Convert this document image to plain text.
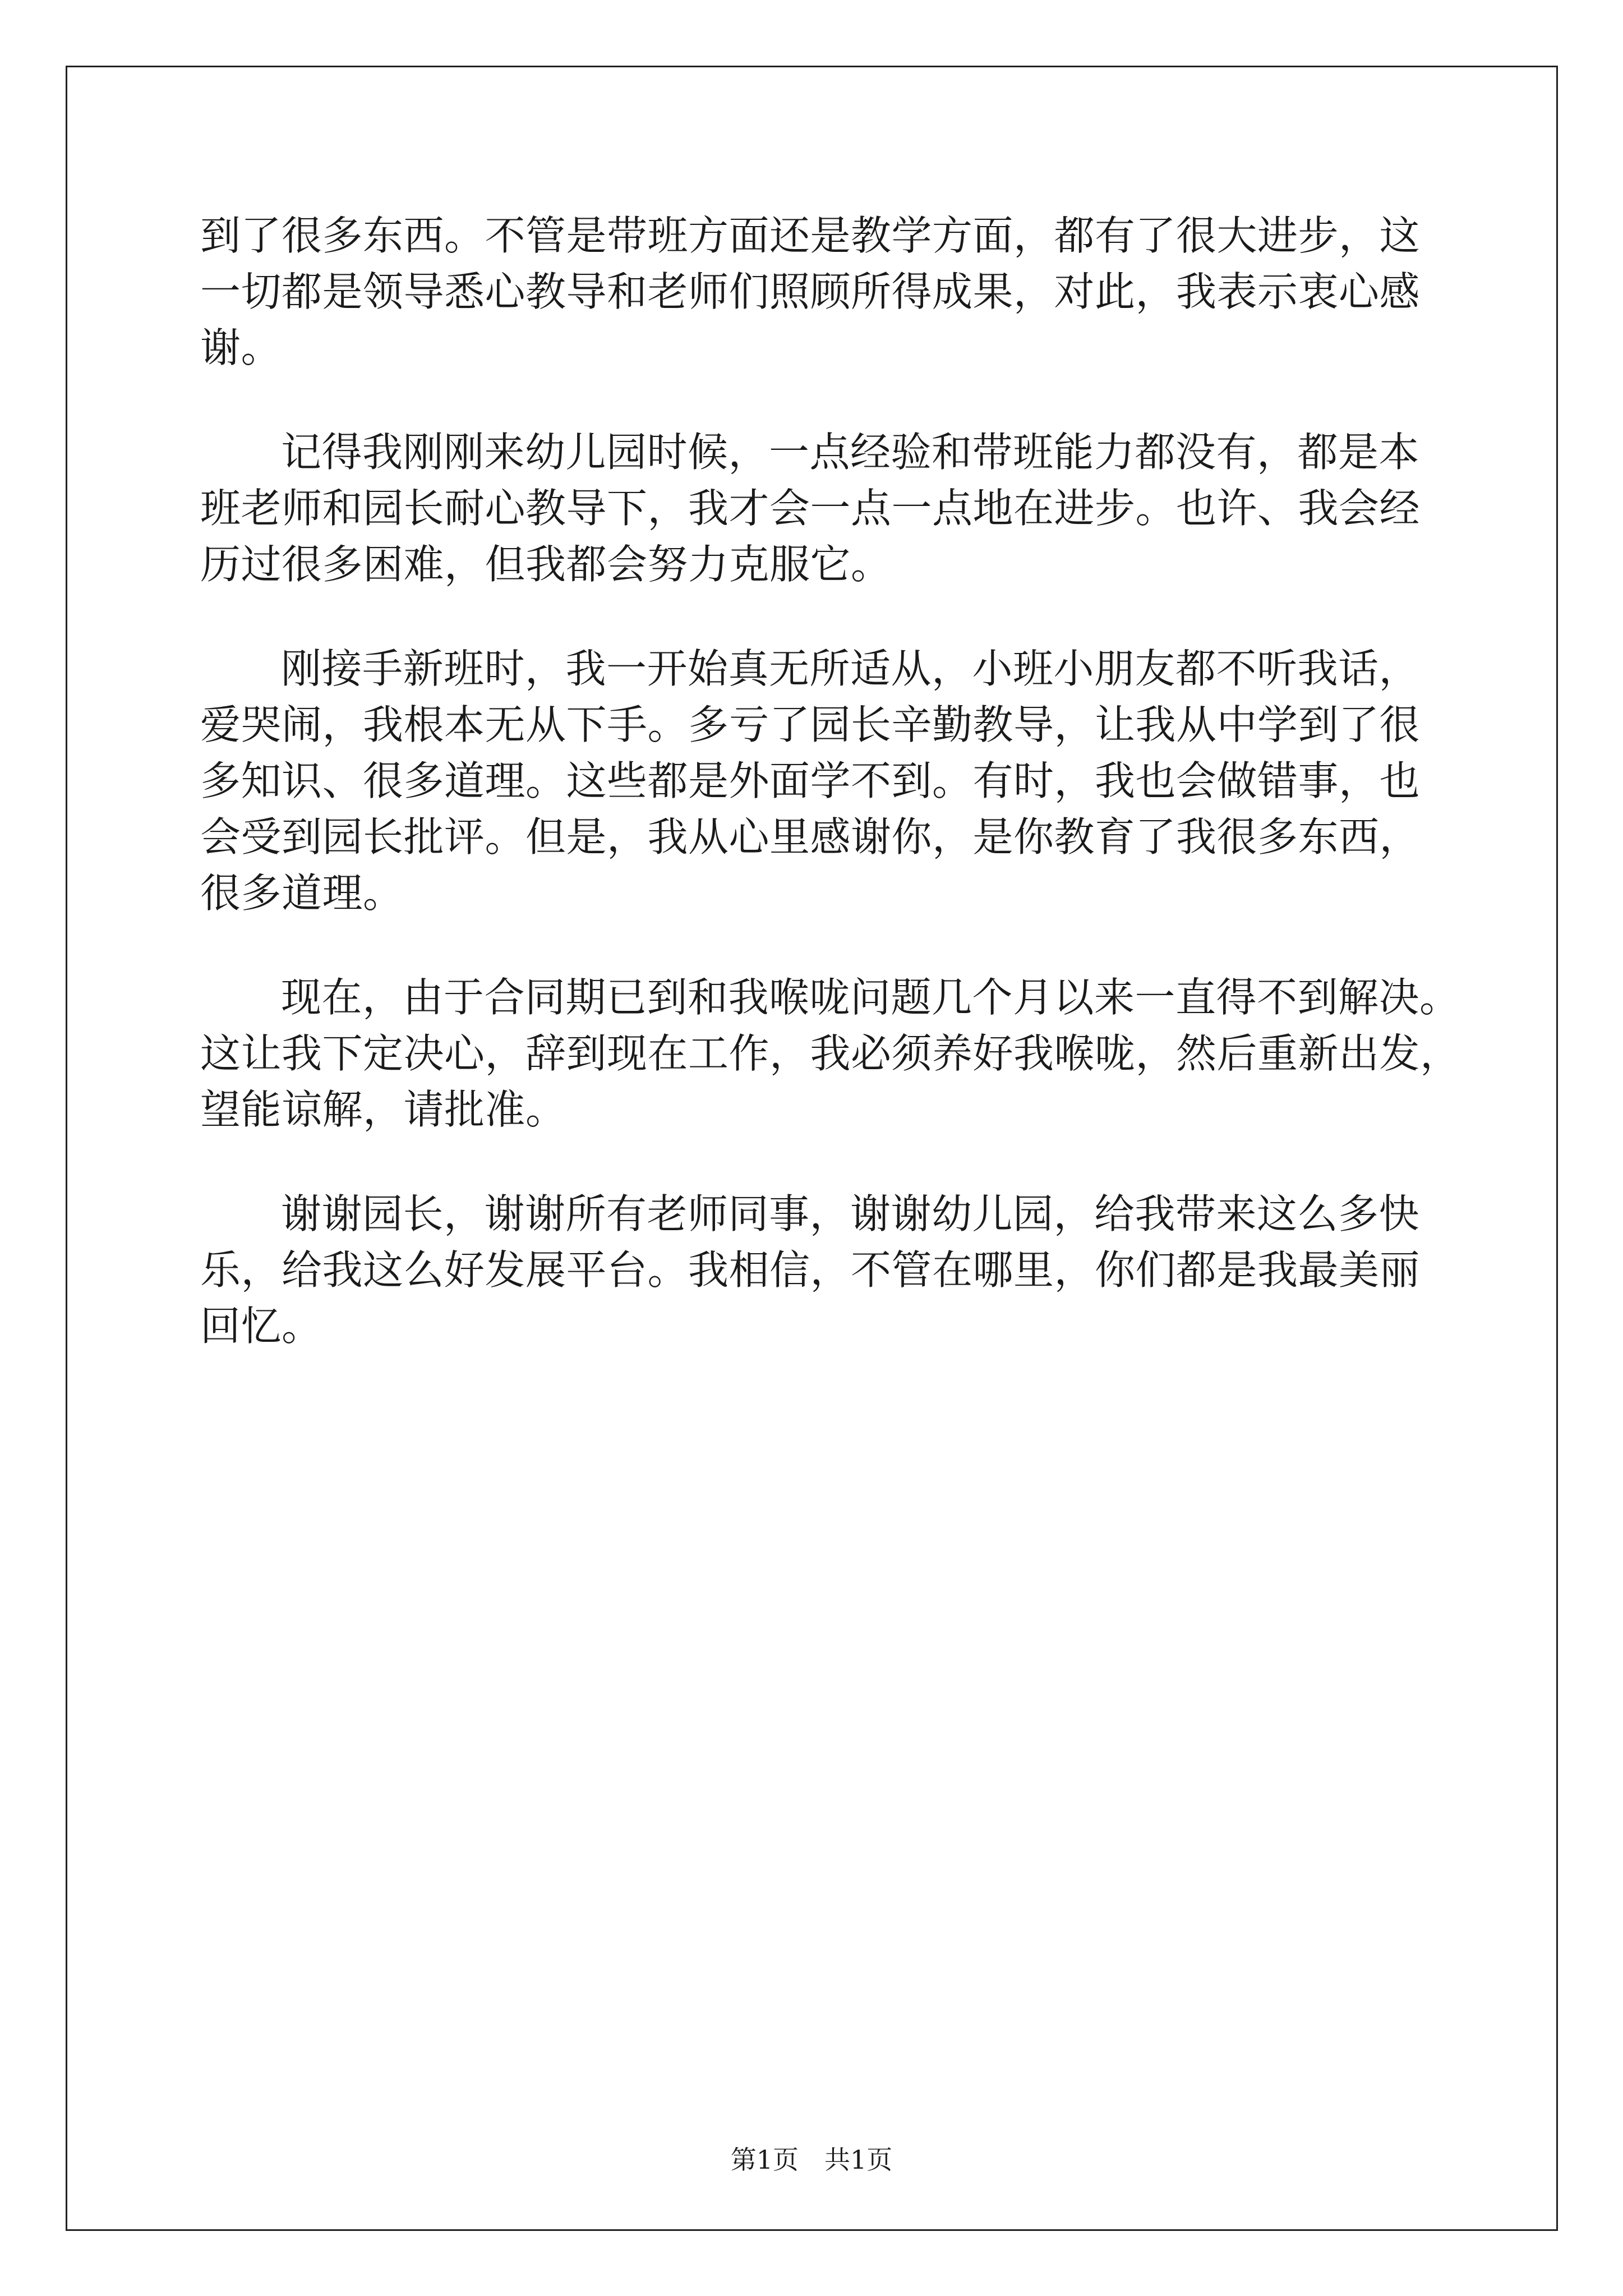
到了很多东西。不管是带班方面还是教学方面，都有了很大进步，这
一切都是领导悉心教导和老师们照顾所得成果，对此，我表示衷心感
谢。
记得我刚刚来幼儿园时候，一点经验和带班能力都没有，都是本
班老师和园长耐心教导下，我才会一点一点地在进步。也许、我会经
历过很多困难，但我都会努力克服它。
刚接手新班时，我一开始真无所适从，小班小朋友都不听我话，
爱哭闹，我根本无从下手。多亏了园长辛勤教导，让我从中学到了很
多知识、很多道理。这些都是外面学不到。有时，我也会做错事，也
会受到园长批评。但是，我从心里感谢你，是你教育了我很多东西，
很多道理。
现在，由于合同期已到和我喉咙问题几个月以来一直得不到解决。
这让我下定决心，辞到现在工作，我必须养好我喉咙，然后重新出发，
望能谅解，请批准。
谢谢园长，谢谢所有老师同事，谢谢幼儿园，给我带来这么多快
乐，给我这么好发展平台。我相信，不管在哪里，你们都是我最美丽
回忆。
第1页　共1页
